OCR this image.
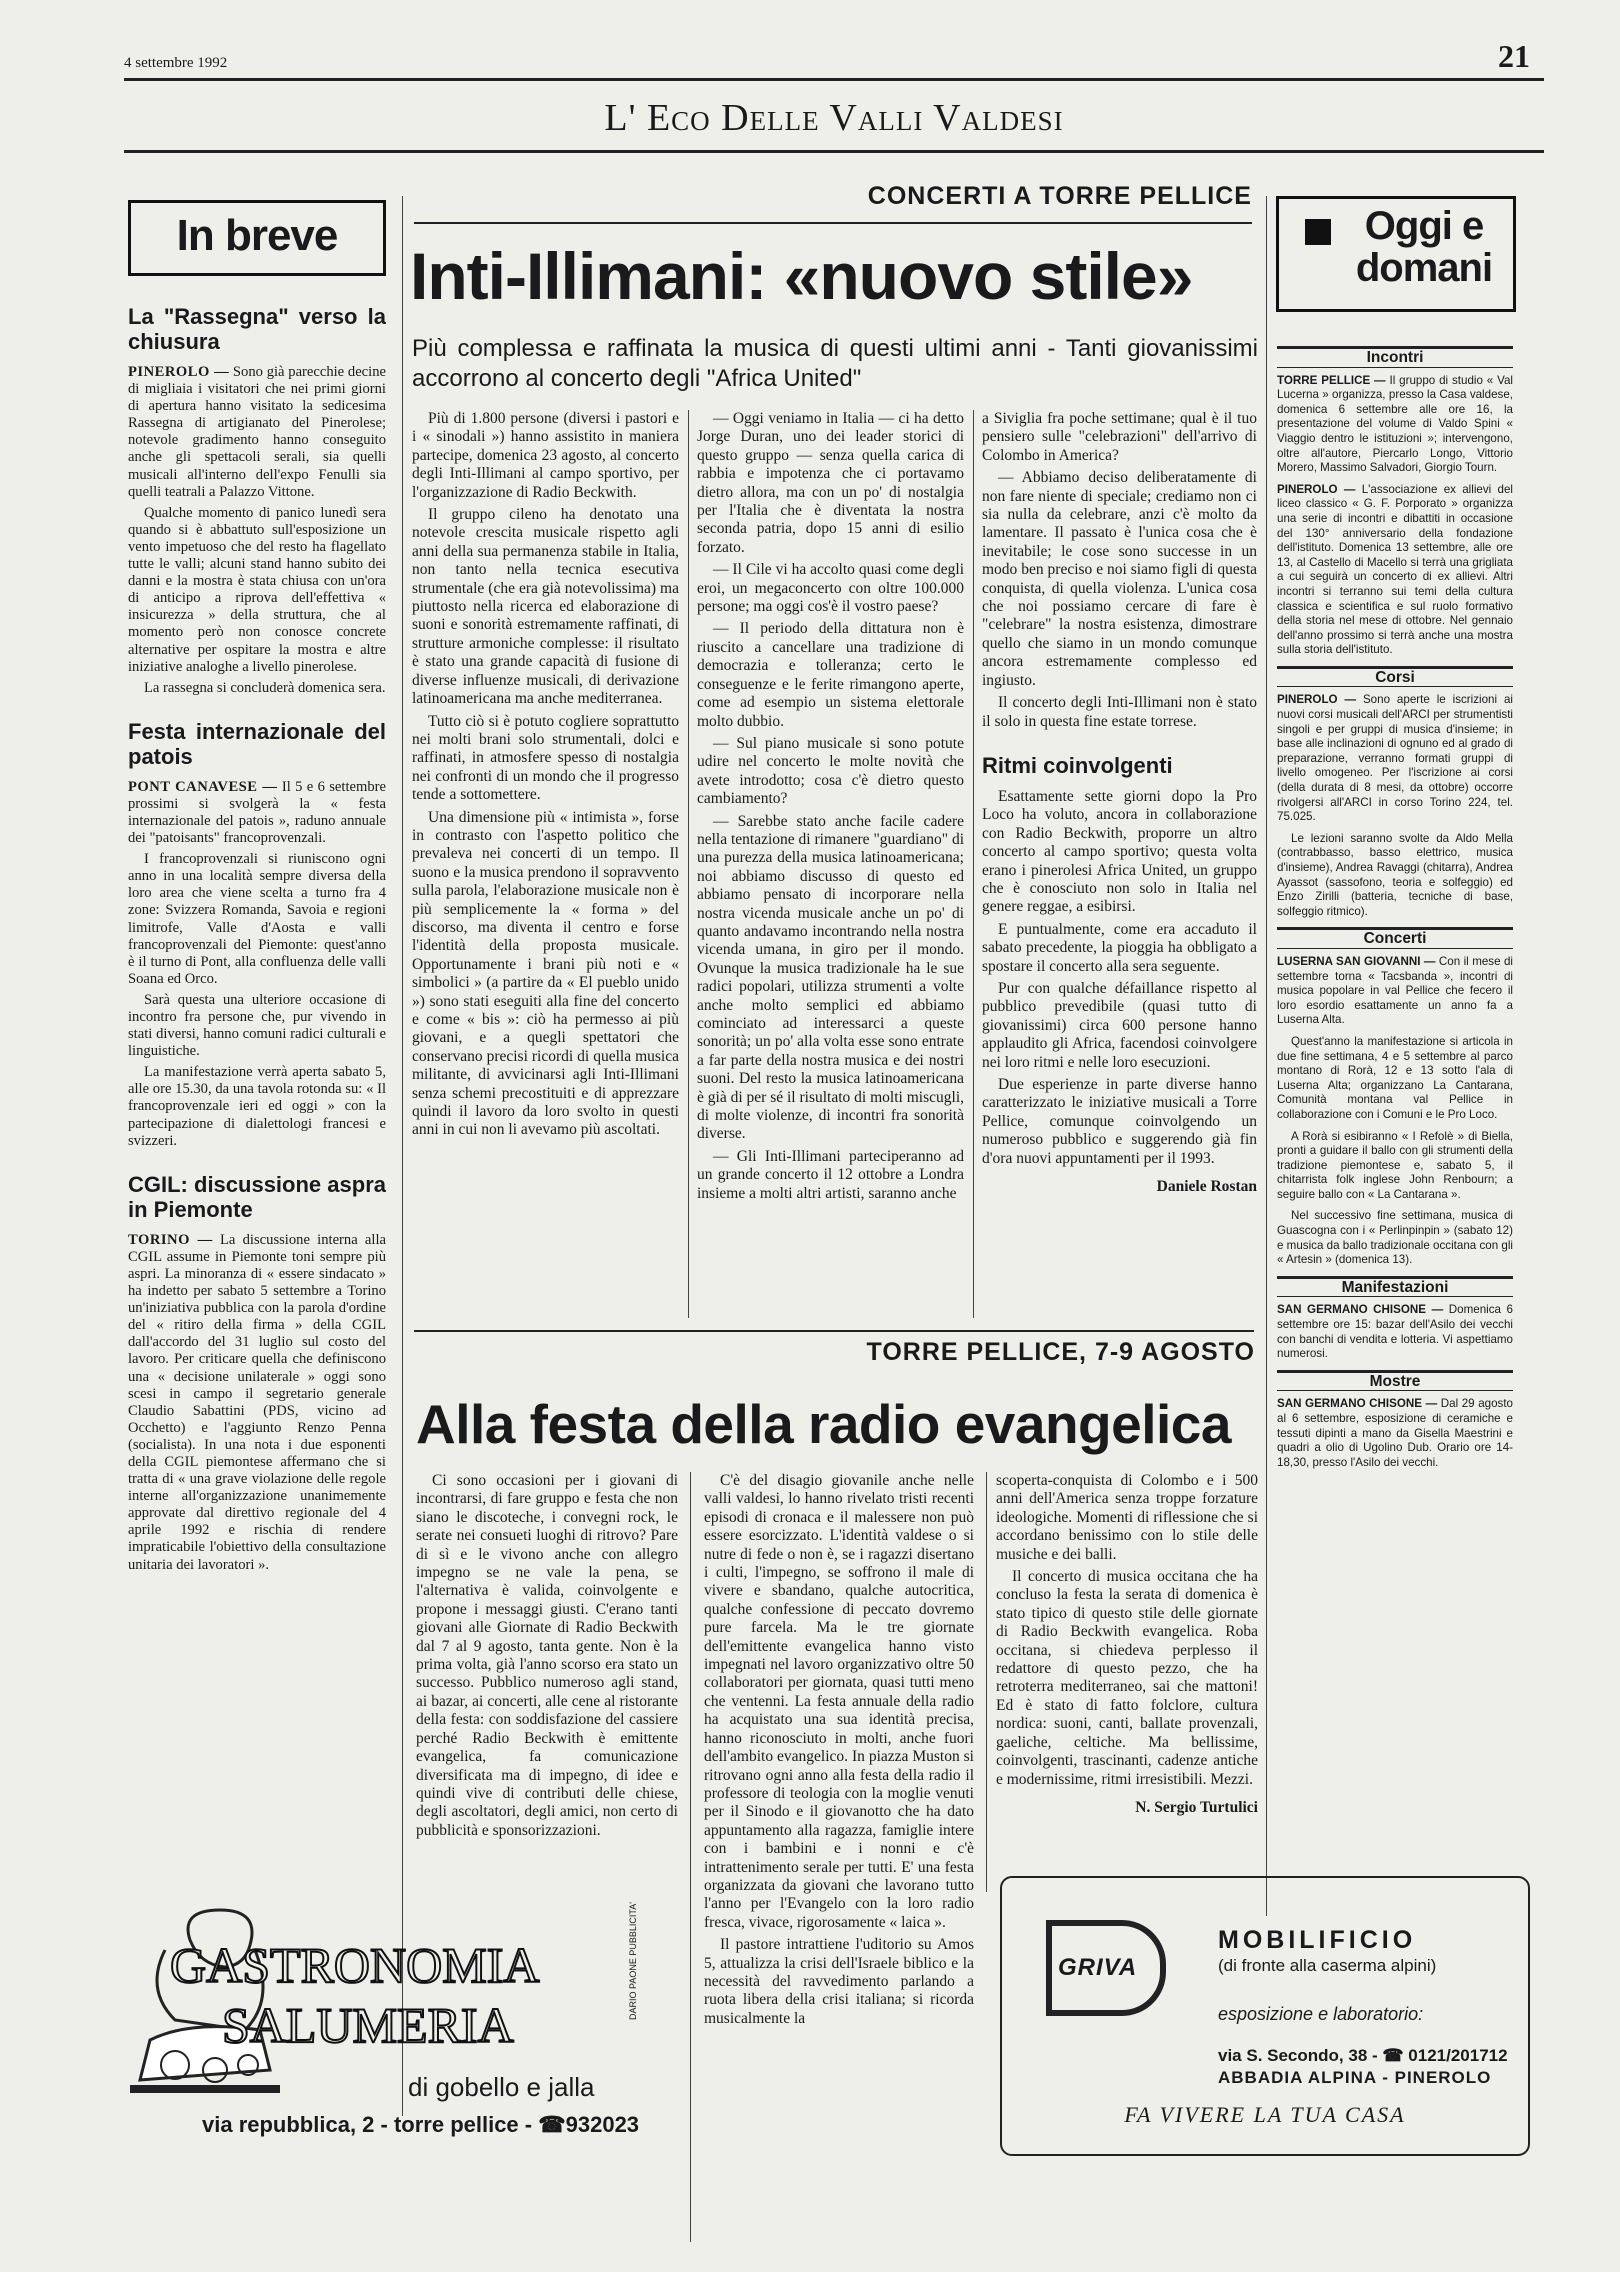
4 settembre 1992	21
L' Eco Delle Valli Valdesi
In breve
La "Rassegna" verso la chiusura

PINEROLO — Sono già parecchie decine di migliaia i visitatori che nei primi giorni di apertura hanno visitato la sedicesima Rassegna di artigianato del Pinerolese; notevole gradimento hanno conseguito anche gli spettacoli serali, sia quelli musicali all'interno dell'expo Fenulli sia quelli teatrali a Palazzo Vittone.

Qualche momento di panico lunedì sera quando si è abbattuto sull'esposizione un vento impetuoso che del resto ha flagellato tutte le valli; alcuni stand hanno subito dei danni e la mostra è stata chiusa con un'ora di anticipo a riprova dell'effettiva « insicurezza » della struttura, che al momento però non conosce concrete alternative per ospitare la mostra e altre iniziative analoghe a livello pinerolese.

La rassegna si concluderà domenica sera.

Festa internazionale del patois

PONT CANAVESE — Il 5 e 6 settembre prossimi si svolgerà la « festa internazionale del patois », raduno annuale dei "patoisants" francoprovenzali.

I francoprovenzali si riuniscono ogni anno in una località sempre diversa della loro area che viene scelta a turno fra 4 zone: Svizzera Romanda, Savoia e regioni limitrofe, Valle d'Aosta e valli francoprovenzali del Piemonte: quest'anno è il turno di Pont, alla confluenza delle valli Soana ed Orco.

Sarà questa una ulteriore occasione di incontro fra persone che, pur vivendo in stati diversi, hanno comuni radici culturali e linguistiche.

La manifestazione verrà aperta sabato 5, alle ore 15.30, da una tavola rotonda su: « Il francoprovenzale ieri ed oggi » con la partecipazione di dialettologi francesi e svizzeri.

CGIL: discussione aspra in Piemonte

TORINO — La discussione interna alla CGIL assume in Piemonte toni sempre più aspri. La minoranza di « essere sindacato » ha indetto per sabato 5 settembre a Torino un'iniziativa pubblica con la parola d'ordine del « ritiro della firma » della CGIL dall'accordo del 31 luglio sul costo del lavoro. Per criticare quella che definiscono una « decisione unilaterale » oggi sono scesi in campo il segretario generale Claudio Sabattini (PDS, vicino ad Occhetto) e l'aggiunto Renzo Penna (socialista). In una nota i due esponenti della CGIL piemontese affermano che si tratta di « una grave violazione delle regole interne all'organizzazione unanimemente approvate dal direttivo regionale del 4 aprile 1992 e rischia di rendere impraticabile l'obiettivo della consultazione unitaria dei lavoratori ».

CONCERTI A TORRE PELLICE
Inti-Illimani: «nuovo stile»
Più complessa e raffinata la musica di questi ultimi anni - Tanti giovanissimi accorrono al concerto degli "Africa United"

Più di 1.800 persone (diversi i pastori e i « sinodali ») hanno assistito in maniera partecipe, domenica 23 agosto, al concerto degli Inti-Illimani al campo sportivo, per l'organizzazione di Radio Beckwith.

Il gruppo cileno ha denotato una notevole crescita musicale rispetto agli anni della sua permanenza stabile in Italia, non tanto nella tecnica esecutiva strumentale (che era già notevolissima) ma piuttosto nella ricerca ed elaborazione di suoni e sonorità estremamente raffinati, di strutture armoniche complesse: il risultato è stato una grande capacità di fusione di diverse influenze musicali, di derivazione latinoamericana ma anche mediterranea.

Tutto ciò si è potuto cogliere soprattutto nei molti brani solo strumentali, dolci e raffinati, in atmosfere spesso di nostalgia nei confronti di un mondo che il progresso tende a sottomettere.

Una dimensione più « intimista », forse in contrasto con l'aspetto politico che prevaleva nei concerti di un tempo. Il suono e la musica prendono il sopravvento sulla parola, l'elaborazione musicale non è più semplicemente la « forma » del discorso, ma diventa il centro e forse l'identità della proposta musicale. Opportunamente i brani più noti e « simbolici » (a partire da « El pueblo unido ») sono stati eseguiti alla fine del concerto e come « bis »: ciò ha permesso ai più giovani, e a quegli spettatori che conservano precisi ricordi di quella musica militante, di avvicinarsi agli Inti-Illimani senza schemi precostituiti e di apprezzare quindi il lavoro da loro svolto in questi anni in cui non li avevamo più ascoltati.

— Oggi veniamo in Italia — ci ha detto Jorge Duran, uno dei leader storici di questo gruppo — senza quella carica di rabbia e impotenza che ci portavamo dietro allora, ma con un po' di nostalgia per l'Italia che è diventata la nostra seconda patria, dopo 15 anni di esilio forzato.

— Il Cile vi ha accolto quasi come degli eroi, un megaconcerto con oltre 100.000 persone; ma oggi cos'è il vostro paese?

— Il periodo della dittatura non è riuscito a cancellare una tradizione di democrazia e tolleranza; certo le conseguenze e le ferite rimangono aperte, come ad esempio un sistema elettorale molto dubbio.

— Sul piano musicale si sono potute udire nel concerto le molte novità che avete introdotto; cosa c'è dietro questo cambiamento?

— Sarebbe stato anche facile cadere nella tentazione di rimanere "guardiano" di una purezza della musica latinoamericana; noi abbiamo discusso di questo ed abbiamo pensato di incorporare nella nostra vicenda musicale anche un po' di quanto andavamo incontrando nella nostra vicenda umana, in giro per il mondo. Ovunque la musica tradizionale ha le sue radici popolari, utilizza strumenti a volte anche molto semplici ed abbiamo cominciato ad interessarci a queste sonorità; un po' alla volta esse sono entrate a far parte della nostra musica e dei nostri suoni. Del resto la musica latinoamericana è già di per sé il risultato di molti miscugli, di molte violenze, di incontri fra sonorità diverse.

— Gli Inti-Illimani parteciperanno ad un grande concerto il 12 ottobre a Londra insieme a molti altri artisti, saranno anche

a Siviglia fra poche settimane; qual è il tuo pensiero sulle "celebrazioni" dell'arrivo di Colombo in America?

— Abbiamo deciso deliberatamente di non fare niente di speciale; crediamo non ci sia nulla da celebrare, anzi c'è molto da lamentare. Il passato è l'unica cosa che è inevitabile; le cose sono successe in un modo ben preciso e noi siamo figli di questa conquista, di quella violenza. L'unica cosa che noi possiamo cercare di fare è "celebrare" la nostra esistenza, dimostrare quello che siamo in un mondo comunque ancora estremamente complesso ed ingiusto.

Il concerto degli Inti-Illimani non è stato il solo in questa fine estate torrese.

Ritmi coinvolgenti

Esattamente sette giorni dopo la Pro Loco ha voluto, ancora in collaborazione con Radio Beckwith, proporre un altro concerto al campo sportivo; questa volta erano i pinerolesi Africa United, un gruppo che è conosciuto non solo in Italia nel genere reggae, a esibirsi.

E puntualmente, come era accaduto il sabato precedente, la pioggia ha obbligato a spostare il concerto alla sera seguente.

Pur con qualche défaillance rispetto al pubblico prevedibile (quasi tutto di giovanissimi) circa 600 persone hanno applaudito gli Africa, facendosi coinvolgere nei loro ritmi e nelle loro esecuzioni.

Due esperienze in parte diverse hanno caratterizzato le iniziative musicali a Torre Pellice, comunque coinvolgendo un numeroso pubblico e suggerendo già fin d'ora nuovi appuntamenti per il 1993.

Daniele Rostan

TORRE PELLICE, 7-9 AGOSTO
Alla festa della radio evangelica

Ci sono occasioni per i giovani di incontrarsi, di fare gruppo e festa che non siano le discoteche, i convegni rock, le serate nei consueti luoghi di ritrovo? Pare di sì e le vivono anche con allegro impegno se ne vale la pena, se l'alternativa è valida, coinvolgente e propone i messaggi giusti. C'erano tanti giovani alle Giornate di Radio Beckwith dal 7 al 9 agosto, tanta gente. Non è la prima volta, già l'anno scorso era stato un successo. Pubblico numeroso agli stand, ai bazar, ai concerti, alle cene al ristorante della festa: con soddisfazione del cassiere perché Radio Beckwith è emittente evangelica, fa comunicazione diversificata ma di impegno, di idee e quindi vive di contributi delle chiese, degli ascoltatori, degli amici, non certo di pubblicità e sponsorizzazioni.

C'è del disagio giovanile anche nelle valli valdesi, lo hanno rivelato tristi recenti episodi di cronaca e il malessere non può essere esorcizzato. L'identità valdese o si nutre di fede o non è, se i ragazzi disertano i culti, l'impegno, se soffrono il male di vivere e sbandano, qualche autocritica, qualche confessione di peccato dovremo pure farcela. Ma le tre giornate dell'emittente evangelica hanno visto impegnati nel lavoro organizzativo oltre 50 collaboratori per giornata, quasi tutti meno che ventenni. La festa annuale della radio ha acquistato una sua identità precisa, hanno riconosciuto in molti, anche fuori dell'ambito evangelico. In piazza Muston si ritrovano ogni anno alla festa della radio il professore di teologia con la moglie venuti per il Sinodo e il giovanotto che ha dato appuntamento alla ragazza, famiglie intere con i bambini e i nonni e c'è intrattenimento serale per tutti. E' una festa organizzata da giovani che lavorano tutto l'anno per l'Evangelo con la loro radio fresca, vivace, rigorosamente « laica ».

Il pastore intrattiene l'uditorio su Amos 5, attualizza la crisi dell'Israele biblico e la necessità del ravvedimento parlando a ruota libera della crisi italiana; si ricorda musicalmente la

scoperta-conquista di Colombo e i 500 anni dell'America senza troppe forzature ideologiche. Momenti di riflessione che si accordano benissimo con lo stile delle musiche e dei balli.

Il concerto di musica occitana che ha concluso la festa la serata di domenica è stato tipico di questo stile delle giornate di Radio Beckwith evangelica. Roba occitana, si chiedeva perplesso il redattore di questo pezzo, che ha retroterra mediterraneo, sai che mattoni! Ed è stato di fatto folclore, cultura nordica: suoni, canti, ballate provenzali, gaeliche, celtiche. Ma bellissime, coinvolgenti, trascinanti, cadenze antiche e modernissime, ritmi irresistibili. Mezzi.

N. Sergio Turtulici

Oggi e domani
Incontri

TORRE PELLICE — Il gruppo di studio « Val Lucerna » organizza, presso la Casa valdese, domenica 6 settembre alle ore 16, la presentazione del volume di Valdo Spini « Viaggio dentro le istituzioni »; intervengono, oltre all'autore, Piercarlo Longo, Vittorio Morero, Massimo Salvadori, Giorgio Tourn.

PINEROLO — L'associazione ex allievi del liceo classico « G. F. Porporato » organizza una serie di incontri e dibattiti in occasione del 130° anniversario della fondazione dell'istituto. Domenica 13 settembre, alle ore 13, al Castello di Macello si terrà una grigliata a cui seguirà un concerto di ex allievi. Altri incontri si terranno sui temi della cultura classica e scientifica e sul ruolo formativo della storia nel mese di ottobre. Nel gennaio dell'anno prossimo si terrà anche una mostra sulla storia dell'istituto.

Corsi

PINEROLO — Sono aperte le iscrizioni ai nuovi corsi musicali dell'ARCI per strumentisti singoli e per gruppi di musica d'insieme; in base alle inclinazioni di ognuno ed al grado di preparazione, verranno formati gruppi di livello omogeneo. Per l'iscrizione ai corsi (della durata di 8 mesi, da ottobre) occorre rivolgersi all'ARCI in corso Torino 224, tel. 75.025.

Le lezioni saranno svolte da Aldo Mella (contrabbasso, basso elettrico, musica d'insieme), Andrea Ravaggi (chitarra), Andrea Ayassot (sassofono, teoria e solfeggio) ed Enzo Zirilli (batteria, tecniche di base, solfeggio ritmico).

Concerti

LUSERNA SAN GIOVANNI — Con il mese di settembre torna « Tacsbanda », incontri di musica popolare in val Pellice che fecero il loro esordio esattamente un anno fa a Luserna Alta.

Quest'anno la manifestazione si articola in due fine settimana, 4 e 5 settembre al parco montano di Rorà, 12 e 13 sotto l'ala di Luserna Alta; organizzano La Cantarana, Comunità montana val Pellice in collaborazione con i Comuni e le Pro Loco.

A Rorà si esibiranno « I Refolè » di Biella, pronti a guidare il ballo con gli strumenti della tradizione piemontese e, sabato 5, il chitarrista folk inglese John Renbourn; a seguire ballo con « La Cantarana ».

Nel successivo fine settimana, musica di Guascogna con i « Perlinpinpin » (sabato 12) e musica da ballo tradizionale occitana con gli « Artesin » (domenica 13).

Manifestazioni

SAN GERMANO CHISONE — Domenica 6 settembre ore 15: bazar dell'Asilo dei vecchi con banchi di vendita e lotteria. Vi aspettiamo numerosi.

Mostre

SAN GERMANO CHISONE — Dal 29 agosto al 6 settembre, esposizione di ceramiche e tessuti dipinti a mano da Gisella Maestrini e quadri a olio di Ugolino Dub. Orario ore 14-18,30, presso l'Asilo dei vecchi.

GASTRONOMIA
SALUMERIA
di gobello e jalla
DARIO PAONE PUBBLICITA'
via repubblica, 2 - torre pellice - ☎932023
GRIVA
MOBILIFICIO
(di fronte alla caserma alpini)
esposizione e laboratorio:
via S. Secondo, 38 - ☎ 0121/201712
ABBADIA ALPINA - PINEROLO
FA VIVERE LA TUA CASA
